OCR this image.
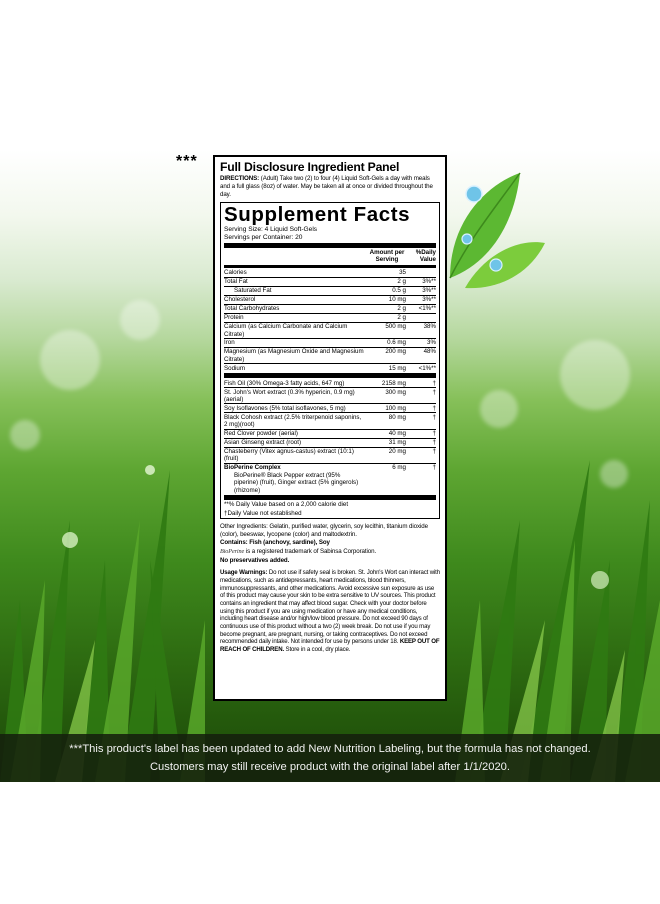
*** Full Disclosure Ingredient Panel
DIRECTIONS: (Adult) Take two (2) to four (4) Liquid Soft-Gels a day with meals and a full glass (8oz) of water. May be taken all at once or divided throughout the day.
Supplement Facts
Serving Size: 4 Liquid Soft-Gels
Servings per Container: 20
Amount per Serving
%Daily Value
Calories	35
Total Fat	2 g	3%**
Saturated Fat	0.5 g	3%**
Cholesterol	10 mg	3%**
Total Carbohydrates	2 g	<1%**
Protein	2 g
Calcium (as Calcium Carbonate and Calcium Citrate)
500 mg	38%
Iron	0.6 mg	3%
Magnesium (as Magnesium Oxide and Magnesium Citrate)
200 mg	48%
Sodium	15 mg	<1%**
Fish Oil (30% Omega-3 fatty acids, 647 mg)	2158 mg	†
St. John's Wort extract (0.3% hypericin, 0.9 mg)(aerial)
300 mg	†
Soy Isoflavones (5% total isoflavones, 5 mg)	100 mg	†
Black Cohosh extract (2.5% triterpenoid saponins, 2 mg)(root)
80 mg	†
Red Clover powder (aerial)	40 mg	†
Asian Ginseng extract (root)	31 mg	†
Chasteberry (Vitex agnus-castus) extract (10:1)(fruit)
20 mg	†
BioPerine Complex	6 mg	†
BioPerine® Black Pepper extract (95% piperine) (fruit), Ginger extract (5% gingerols)(rhizome)
**% Daily Value based on a 2,000 calorie diet
†Daily Value not established
Other Ingredients: Gelatin, purified water, glycerin, soy lecithin, titanium dioxide (color), beeswax, lycopene (color) and maltodextrin.
Contains: Fish (anchovy, sardine), Soy
BioPerine is a registered trademark of Sabinsa Corporation.
No preservatives added.
Usage Warnings: Do not use if safety seal is broken. St. John's Wort can interact with medications, such as antidepressants, heart medications, blood thinners, immunosuppressants, and other medications. Avoid excessive sun exposure as use of this product may cause your skin to be extra sensitive to UV sources. This product contains an ingredient that may affect blood sugar. Check with your doctor before using this product if you are using medication or have any medical conditions, including heart disease and/or high/low blood pressure. Do not exceed 90 days of continuous use of this product without a two (2) week break. Do not use if you may become pregnant, are pregnant, nursing, or taking contraceptives. Do not exceed recommended daily intake. Not intended for use by persons under 18. KEEP OUT OF REACH OF CHILDREN. Store in a cool, dry place.
***This product's label has been updated to add New Nutrition Labeling, but the formula has not changed.
Customers may still receive product with the original label after 1/1/2020.
